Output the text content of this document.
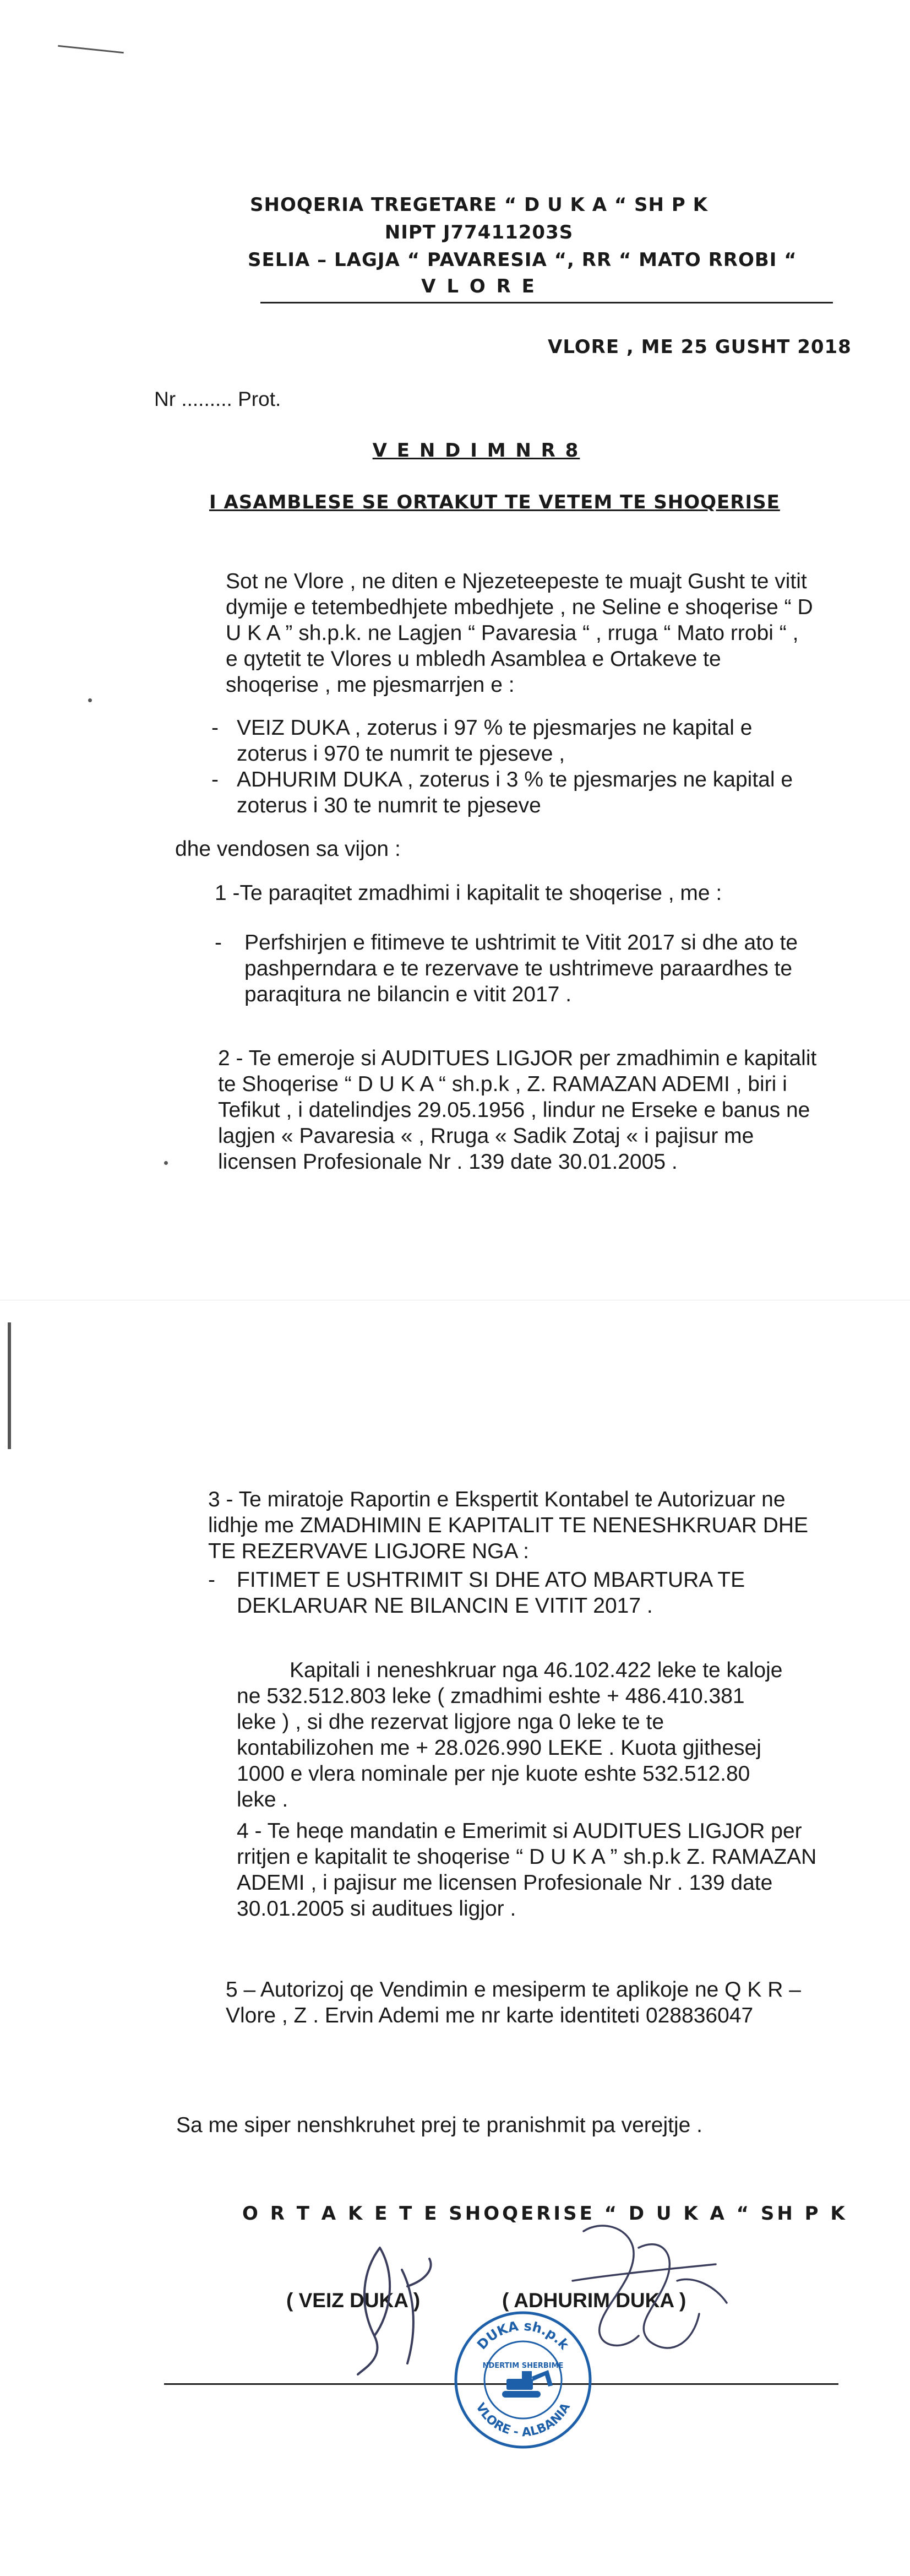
SHOQERIA TREGETARE “ D U K A “ SH P K
NIPT J77411203S
SELIA – LAGJA “ PAVARESIA “, RR “ MATO RROBI “
V L O R E
VLORE , ME 25 GUSHT 2018
Nr ......... Prot.
V E N D I M N R 8
I ASAMBLESE SE ORTAKUT TE VETEM TE SHOQERISE
Sot ne Vlore , ne diten e Njezeteepeste te muajt Gusht te vitit dymije e tetembedhjete mbedhjete , ne Seline e shoqerise “ D U K A ” sh.p.k. ne Lagjen “ Pavaresia “ , rruga “ Mato rrobi “ , e qytetit te Vlores u mbledh Asamblea e Ortakeve te shoqerise , me pjesmarrjen e :
- VEIZ DUKA , zoterus i 97 % te pjesmarjes ne kapital e zoterus i 970 te numrit te pjeseve ,
- ADHURIM DUKA , zoterus i 3 % te pjesmarjes ne kapital e zoterus i 30 te numrit te pjeseve
dhe vendosen sa vijon :
1 -Te paraqitet zmadhimi i kapitalit te shoqerise , me :
- Perfshirjen e fitimeve te ushtrimit te Vitit 2017 si dhe ato te pashperndara e te rezervave te ushtrimeve paraardhes te paraqitura ne bilancin e vitit 2017 .
2 - Te emeroje si AUDITUES LIGJOR per zmadhimin e kapitalit te Shoqerise “ D U K A “ sh.p.k , Z. RAMAZAN ADEMI , biri i Tefikut , i datelindjes 29.05.1956 , lindur ne Erseke e banus ne lagjen « Pavaresia « , Rruga « Sadik Zotaj « i pajisur me licensen Profesionale Nr . 139 date 30.01.2005 .
3 - Te miratoje Raportin e Ekspertit Kontabel te Autorizuar ne lidhje me ZMADHIMIN E KAPITALIT TE NENESHKRUAR DHE TE REZERVAVE LIGJORE NGA :
- FITIMET E USHTRIMIT SI DHE ATO MBARTURA TE DEKLARUAR NE BILANCIN E VITIT 2017 .
Kapitali i neneshkruar nga 46.102.422 leke te kaloje ne 532.512.803 leke ( zmadhimi eshte + 486.410.381 leke ) , si dhe rezervat ligjore nga 0 leke te te kontabilizohen me + 28.026.990 LEKE . Kuota gjithesej 1000 e vlera nominale per nje kuote eshte 532.512.80 leke .
4 - Te heqe mandatin e Emerimit si AUDITUES LIGJOR per rritjen e kapitalit te shoqerise “ D U K A ” sh.p.k Z. RAMAZAN ADEMI , i pajisur me licensen Profesionale Nr . 139 date 30.01.2005 si auditues ligjor .
5 – Autorizoj qe Vendimin e mesiperm te aplikoje ne Q K R – Vlore , Z . Ervin Ademi me nr karte identiteti 028836047
Sa me siper nenshkruhet prej te pranishmit pa verejtje .
O R T A K E T E SHOQERISE “ D U K A “ SH P K
( VEIZ DUKA )	( ADHURIM DUKA )
DUKA sh.p.k
VLORE - ALBANIA
NDERTIM SHERBIME
